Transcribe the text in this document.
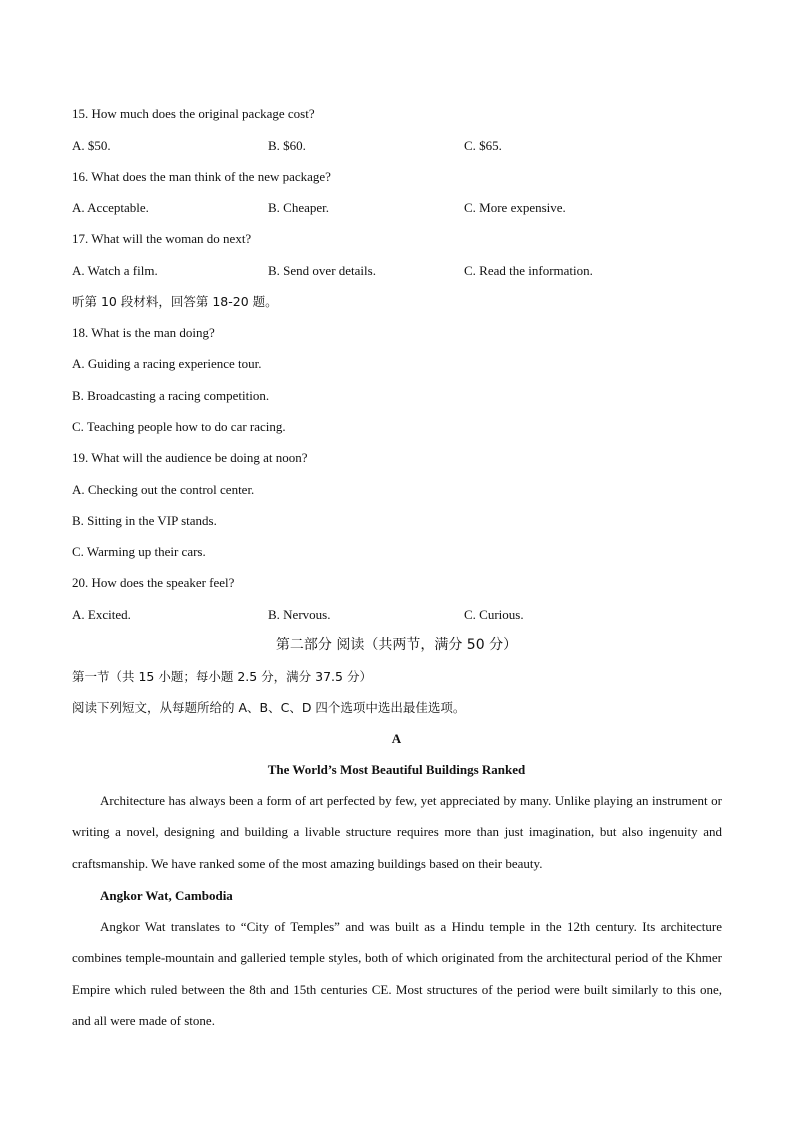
15. How much does the original package cost?
A. $50.	B. $60.	C. $65.
16. What does the man think of the new package?
A. Acceptable.	B. Cheaper.	C. More expensive.
17. What will the woman do next?
A. Watch a film.	B. Send over details.	C. Read the information.
听第 10 段材料，回答第 18-20 题。
18. What is the man doing?
A. Guiding a racing experience tour.
B. Broadcasting a racing competition.
C. Teaching people how to do car racing.
19. What will the audience be doing at noon?
A. Checking out the control center.
B. Sitting in the VIP stands.
C. Warming up their cars.
20. How does the speaker feel?
A. Excited.	B. Nervous.	C. Curious.
第二部分 阅读（共两节，满分 50 分）
第一节（共 15 小题；每小题 2.5 分，满分 37.5 分）
阅读下列短文，从每题所给的 A、B、C、D 四个选项中选出最佳选项。
A
The World’s Most Beautiful Buildings Ranked
Architecture has always been a form of art perfected by few, yet appreciated by many. Unlike playing an instrument or writing a novel, designing and building a livable structure requires more than just imagination, but also ingenuity and craftsmanship. We have ranked some of the most amazing buildings based on their beauty.
Angkor Wat, Cambodia
Angkor Wat translates to “City of Temples” and was built as a Hindu temple in the 12th century. Its architecture combines temple-mountain and galleried temple styles, both of which originated from the architectural period of the Khmer Empire which ruled between the 8th and 15th centuries CE. Most structures of the period were built similarly to this one, and all were made of stone.
